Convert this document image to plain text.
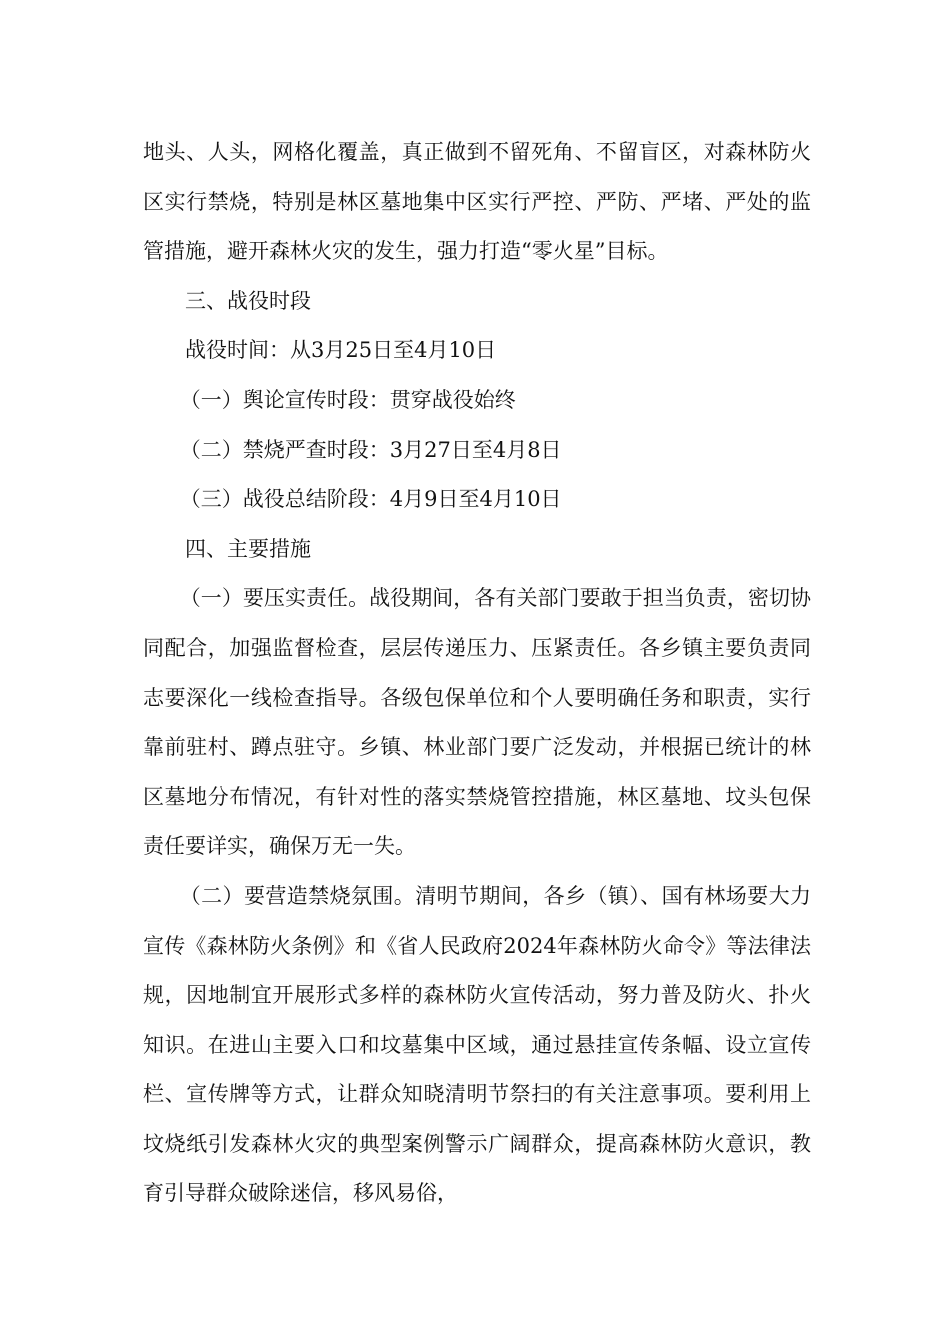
地头、人头，网格化覆盖，真正做到不留死角、不留盲区，对森林防火区实行禁烧，特别是林区墓地集中区实行严控、严防、严堵、严处的监管措施，避开森林火灾的发生，强力打造“零火星”目标。

三、战役时段

战役时间：从3月25日至4月10日

（一）舆论宣传时段：贯穿战役始终

（二）禁烧严查时段：3月27日至4月8日

（三）战役总结阶段：4月9日至4月10日

四、主要措施

（一）要压实责任。战役期间，各有关部门要敢于担当负责，密切协同配合，加强监督检查，层层传递压力、压紧责任。各乡镇主要负责同志要深化一线检查指导。各级包保单位和个人要明确任务和职责，实行靠前驻村、蹲点驻守。乡镇、林业部门要广泛发动，并根据已统计的林区墓地分布情况，有针对性的落实禁烧管控措施，林区墓地、坟头包保责任要详实，确保万无一失。

（二）要营造禁烧氛围。清明节期间，各乡（镇）、国有林场要大力宣传《森林防火条例》和《省人民政府2024年森林防火命令》等法律法规，因地制宜开展形式多样的森林防火宣传活动，努力普及防火、扑火知识。在进山主要入口和坟墓集中区域，通过悬挂宣传条幅、设立宣传栏、宣传牌等方式，让群众知晓清明节祭扫的有关注意事项。要利用上坟烧纸引发森林火灾的典型案例警示广阔群众，提高森林防火意识，教育引导群众破除迷信，移风易俗，
